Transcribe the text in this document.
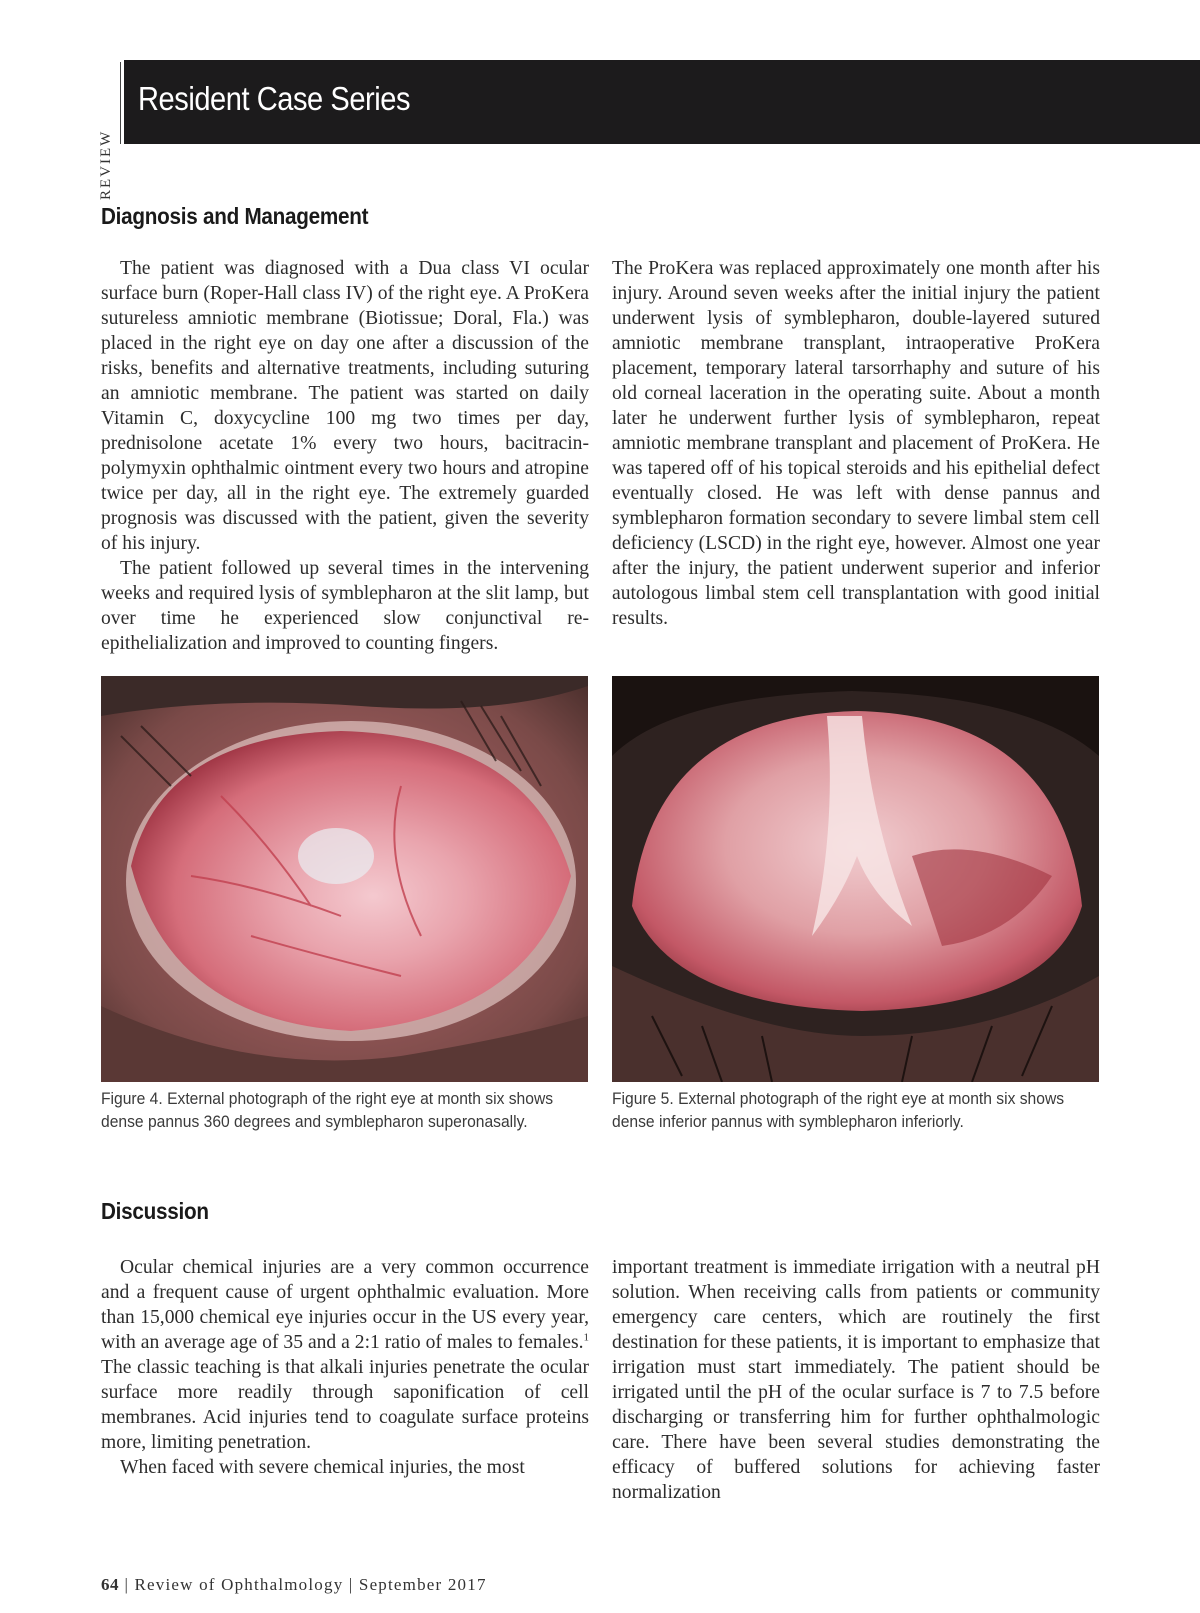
REVIEW
Resident Case Series
Diagnosis and Management

The patient was diagnosed with a Dua class VI ocular surface burn (Roper-Hall class IV) of the right eye. A ProKera sutureless amniotic membrane (Biotissue; Doral, Fla.) was placed in the right eye on day one after a discussion of the risks, benefits and alternative treatments, including suturing an amniotic membrane. The patient was started on daily Vitamin C, doxycycline 100 mg two times per day, prednisolone acetate 1% every two hours, bacitracin-polymyxin ophthalmic ointment every two hours and atropine twice per day, all in the right eye. The extremely guarded prognosis was discussed with the patient, given the severity of his injury.

The patient followed up several times in the intervening weeks and required lysis of symblepharon at the slit lamp, but over time he experienced slow conjunctival re-epithelialization and improved to counting fingers.

The ProKera was replaced approximately one month after his injury. Around seven weeks after the initial injury the patient underwent lysis of symblepharon, double-layered sutured amniotic membrane transplant, intraoperative ProKera placement, temporary lateral tarsorrhaphy and suture of his old corneal laceration in the operating suite. About a month later he underwent further lysis of symblepharon, repeat amniotic membrane transplant and placement of ProKera. He was tapered off of his topical steroids and his epithelial defect eventually closed. He was left with dense pannus and symblepharon formation secondary to severe limbal stem cell deficiency (LSCD) in the right eye, however. Almost one year after the injury, the patient underwent superior and inferior autologous limbal stem cell transplantation with good initial results.

Figure 4. External photograph of the right eye at month six shows dense pannus 360 degrees and symblepharon superonasally.
Figure 5. External photograph of the right eye at month six shows dense inferior pannus with symblepharon inferiorly.
Discussion

Ocular chemical injuries are a very common occurrence and a frequent cause of urgent ophthalmic evaluation. More than 15,000 chemical eye injuries occur in the US every year, with an average age of 35 and a 2:1 ratio of males to females.$^1$ The classic teaching is that alkali injuries penetrate the ocular surface more readily through saponification of cell membranes. Acid injuries tend to coagulate surface proteins more, limiting penetration.

When faced with severe chemical injuries, the most

important treatment is immediate irrigation with a neutral pH solution. When receiving calls from patients or community emergency care centers, which are routinely the first destination for these patients, it is important to emphasize that irrigation must start immediately. The patient should be irrigated until the pH of the ocular surface is 7 to 7.5 before discharging or transferring him for further ophthalmologic care. There have been several studies demonstrating the efficacy of buffered solutions for achieving faster normalization

64 | Review of Ophthalmology | September 2017
